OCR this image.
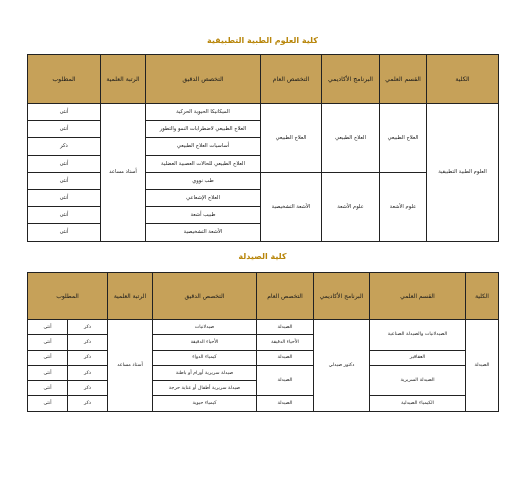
كلية العلوم الطبية التطبيقية
الكلية	القسم العلمي	البرنامج الأكاديمي	التخصص العام	التخصص الدقيق	الرتبة العلمية	المطلوب	
العلوم الطبية التطبيقية	العلاج الطبيعي	العلاج الطبيعي	العلاج الطبيعي	الميكانيكا الحيوية الحركية	أستاذ مساعد	أنثى	
				العلاج الطبيعي لاضطرابات النمو والتطور		أنثى	
				أساسيات العلاج الطبيعي		ذكر	
				العلاج الطبيعي للحالات العصبية العضلية		أنثى	
	علوم الأشعة	علوم الأشعة	الأشعة التشخيصية	طب نووي		أنثى	
				العلاج الإشعاعي		أنثى	
				طبيب أشعة		أنثى	
				الأشعة التشخيصية		أنثى	
كلية الصيدلة
الكلية	القسم العلمي	البرنامج الأكاديمي	التخصص العام	التخصص الدقيق	الرتبة العلمية	المطلوب	
الصيدلة	الصيدلانيات والصيدلة الصناعية	دكتور صيدلي	الصيدلة	صيدلانيات	أستاذ مساعد	ذكر	أنثى
			الأحياء الدقيقة	الأحياء الدقيقة		ذكر	أنثى
	العقاقير		الصيدلة	كيمياء الدواء		ذكر	أنثى
	الصيدلة السريرية		الصيدلة	صيدلة سريرية أورام أو باطنة		ذكر	أنثى
				صيدلة سريرية أطفال أو عناية حرجة		ذكر	أنثى
	الكيمياء الصيدلية		الصيدلة	كيمياء حيوية		ذكر	أنثى
